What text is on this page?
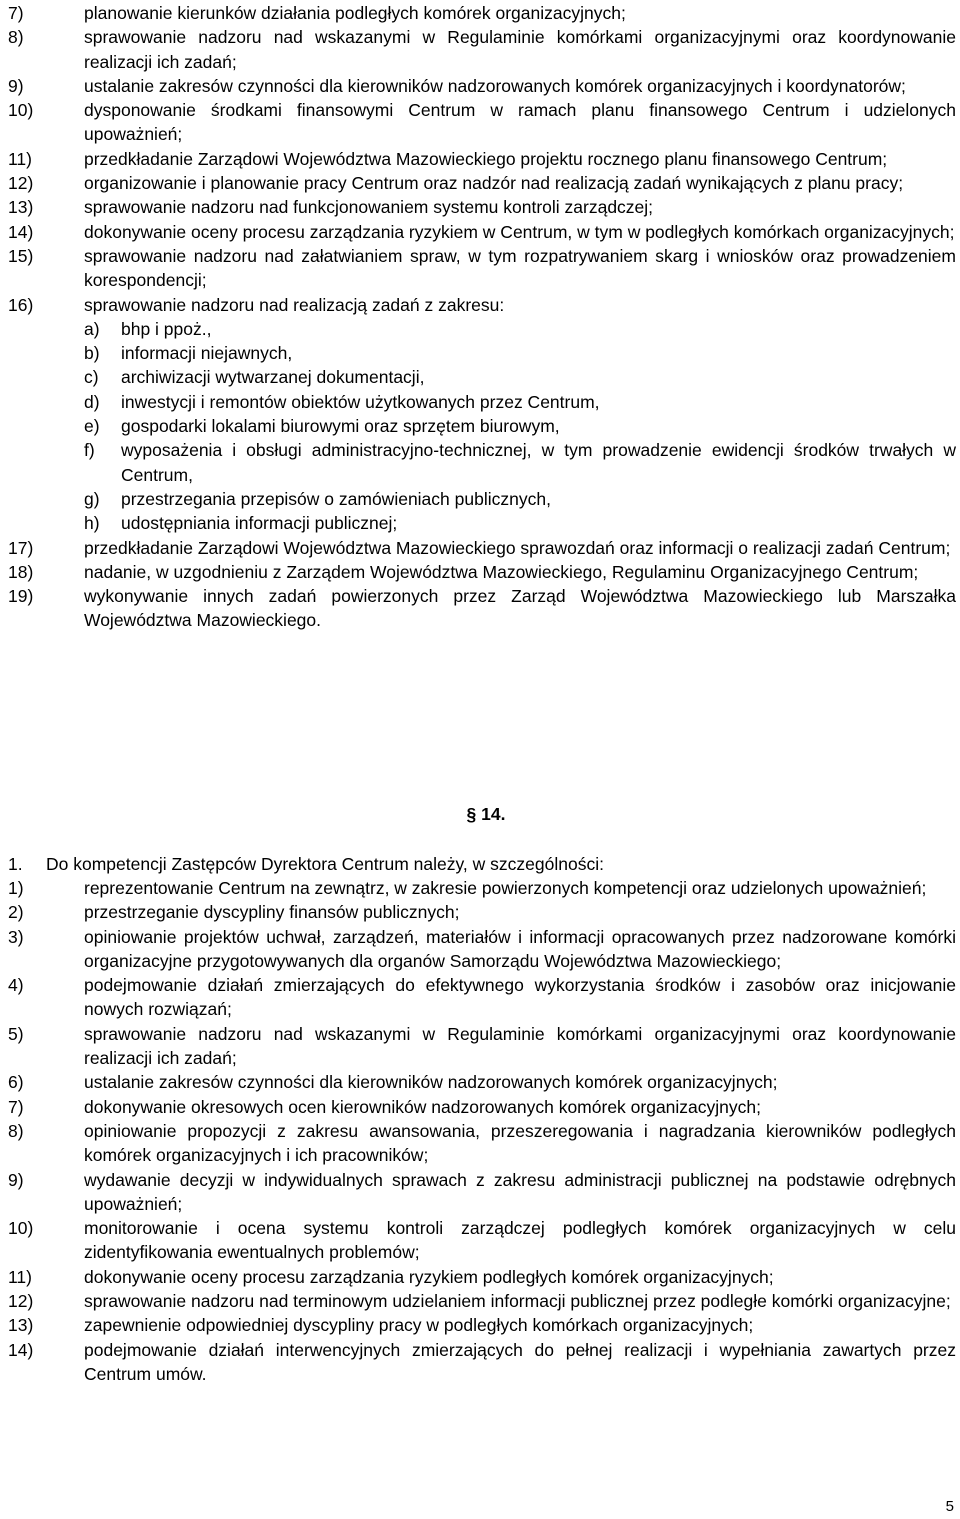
7)	planowanie kierunków działania podległych komórek organizacyjnych;
8)	sprawowanie nadzoru nad wskazanymi w Regulaminie komórkami organizacyjnymi oraz koordynowanie realizacji ich zadań;
9)	ustalanie zakresów czynności dla kierowników nadzorowanych komórek organizacyjnych i koordynatorów;
10)	dysponowanie środkami finansowymi Centrum w ramach planu finansowego Centrum i udzielonych upoważnień;
11)	przedkładanie Zarządowi Województwa Mazowieckiego projektu rocznego planu finansowego Centrum;
12)	organizowanie i planowanie pracy Centrum oraz nadzór nad realizacją zadań wynikających z planu pracy;
13)	sprawowanie nadzoru nad funkcjonowaniem systemu kontroli zarządczej;
14)	dokonywanie oceny procesu zarządzania ryzykiem w Centrum, w tym w podległych komórkach organizacyjnych;
15)	sprawowanie nadzoru nad załatwianiem spraw, w tym rozpatrywaniem skarg i wniosków oraz prowadzeniem korespondencji;
16)	sprawowanie nadzoru nad realizacją zadań z zakresu:
a) bhp i ppoż.,
b) informacji niejawnych,
c) archiwizacji wytwarzanej dokumentacji,
d) inwestycji i remontów obiektów użytkowanych przez Centrum,
e) gospodarki lokalami biurowymi oraz sprzętem biurowym,
f) wyposażenia i obsługi administracyjno-technicznej, w tym prowadzenie ewidencji środków trwałych w Centrum,
g) przestrzegania przepisów o zamówieniach publicznych,
h) udostępniania informacji publicznej;
17)	przedkładanie Zarządowi Województwa Mazowieckiego sprawozdań oraz informacji o realizacji zadań Centrum;
18)	nadanie, w uzgodnieniu z Zarządem Województwa Mazowieckiego, Regulaminu Organizacyjnego Centrum;
19)	wykonywanie innych zadań powierzonych przez Zarząd Województwa Mazowieckiego lub Marszałka Województwa Mazowieckiego.
§ 14.
1.	Do kompetencji Zastępców Dyrektora Centrum należy, w szczególności:
1)	reprezentowanie Centrum na zewnątrz, w zakresie powierzonych kompetencji oraz udzielonych upoważnień;
2)	przestrzeganie dyscypliny finansów publicznych;
3)	opiniowanie projektów uchwał, zarządzeń, materiałów i informacji opracowanych przez nadzorowane komórki organizacyjne przygotowywanych dla organów Samorządu Województwa Mazowieckiego;
4)	podejmowanie działań zmierzających do efektywnego wykorzystania środków i zasobów oraz inicjowanie nowych rozwiązań;
5)	sprawowanie nadzoru nad wskazanymi w Regulaminie komórkami organizacyjnymi oraz koordynowanie realizacji ich zadań;
6)	ustalanie zakresów czynności dla kierowników nadzorowanych komórek organizacyjnych;
7)	dokonywanie okresowych ocen kierowników nadzorowanych komórek organizacyjnych;
8)	opiniowanie propozycji z zakresu awansowania, przeszeregowania i nagradzania kierowników podległych komórek organizacyjnych i ich pracowników;
9)	wydawanie decyzji w indywidualnych sprawach z zakresu administracji publicznej na podstawie odrębnych upoważnień;
10)	monitorowanie i ocena systemu kontroli zarządczej podległych komórek organizacyjnych w celu zidentyfikowania ewentualnych problemów;
11)	dokonywanie oceny procesu zarządzania ryzykiem podległych komórek organizacyjnych;
12)	sprawowanie nadzoru nad terminowym udzielaniem informacji publicznej przez podległe komórki organizacyjne;
13)	zapewnienie odpowiedniej dyscypliny pracy w podległych komórkach organizacyjnych;
14)	podejmowanie działań interwencyjnych zmierzających do pełnej realizacji i wypełniania zawartych przez Centrum umów.
5
